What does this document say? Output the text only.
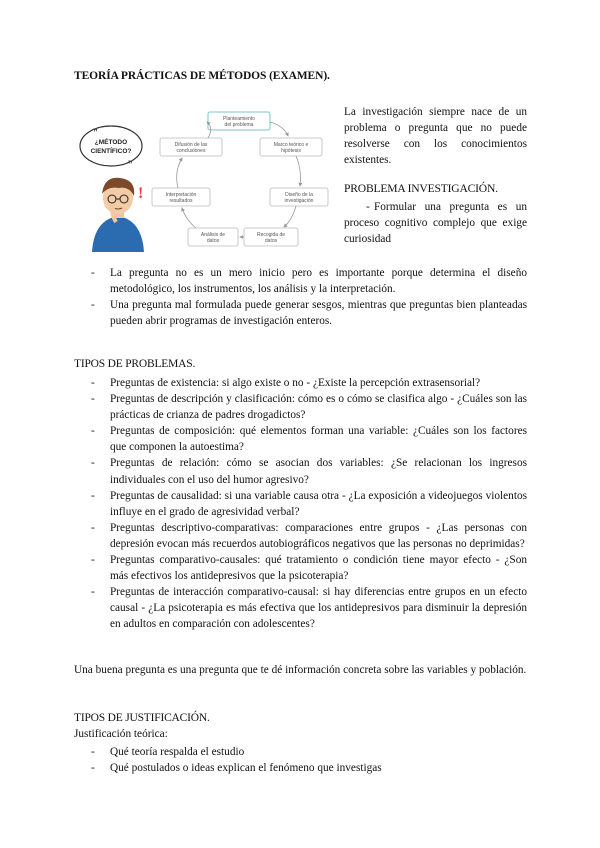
TEORÍA PRÁCTICAS DE MÉTODOS (EXAMEN).
¿MÉTODO
CIENTÍFICO?
❞
❞
!
Planteamiento
del problema
Marco teórico e
hipótesis
Diseño de la
investigación
Recogida de
datos
Análisis de
datos
Interpretación
resultados
Difusión de las
conclusiones

La investigación siempre nace de un problema o pregunta que no puede resolverse con los conocimientos existentes.

PROBLEMA INVESTIGACIÓN.
- Formular una pregunta es un proceso cognitivo complejo que exige curiosidad
- La pregunta no es un mero inicio pero es importante porque determina el diseño metodológico, los instrumentos, los análisis y la interpretación.
- Una pregunta mal formulada puede generar sesgos, mientras que preguntas bien planteadas pueden abrir programas de investigación enteros.
TIPOS DE PROBLEMAS.
- Preguntas de existencia: si algo existe o no - ¿Existe la percepción extrasensorial?
- Preguntas de descripción y clasificación: cómo es o cómo se clasifica algo - ¿Cuáles son las prácticas de crianza de padres drogadictos?
- Preguntas de composición: qué elementos forman una variable: ¿Cuáles son los factores que componen la autoestima?
- Preguntas de relación: cómo se asocian dos variables: ¿Se relacionan los ingresos individuales con el uso del humor agresivo?
- Preguntas de causalidad: si una variable causa otra - ¿La exposición a videojuegos violentos influye en el grado de agresividad verbal?
- Preguntas descriptivo-comparativas: comparaciones entre grupos - ¿Las personas con depresión evocan más recuerdos autobiográficos negativos que las personas no deprimidas?
- Preguntas comparativo-causales: qué tratamiento o condición tiene mayor efecto - ¿Son más efectivos los antidepresivos que la psicoterapia?
- Preguntas de interacción comparativo-causal: si hay diferencias entre grupos en un efecto causal - ¿La psicoterapia es más efectiva que los antidepresivos para disminuir la depresión en adultos en comparación con adolescentes?

Una buena pregunta es una pregunta que te dé información concreta sobre las variables y población.

TIPOS DE JUSTIFICACIÓN.
Justificación teórica:
- Qué teoría respalda el estudio
- Qué postulados o ideas explican el fenómeno que investigas
